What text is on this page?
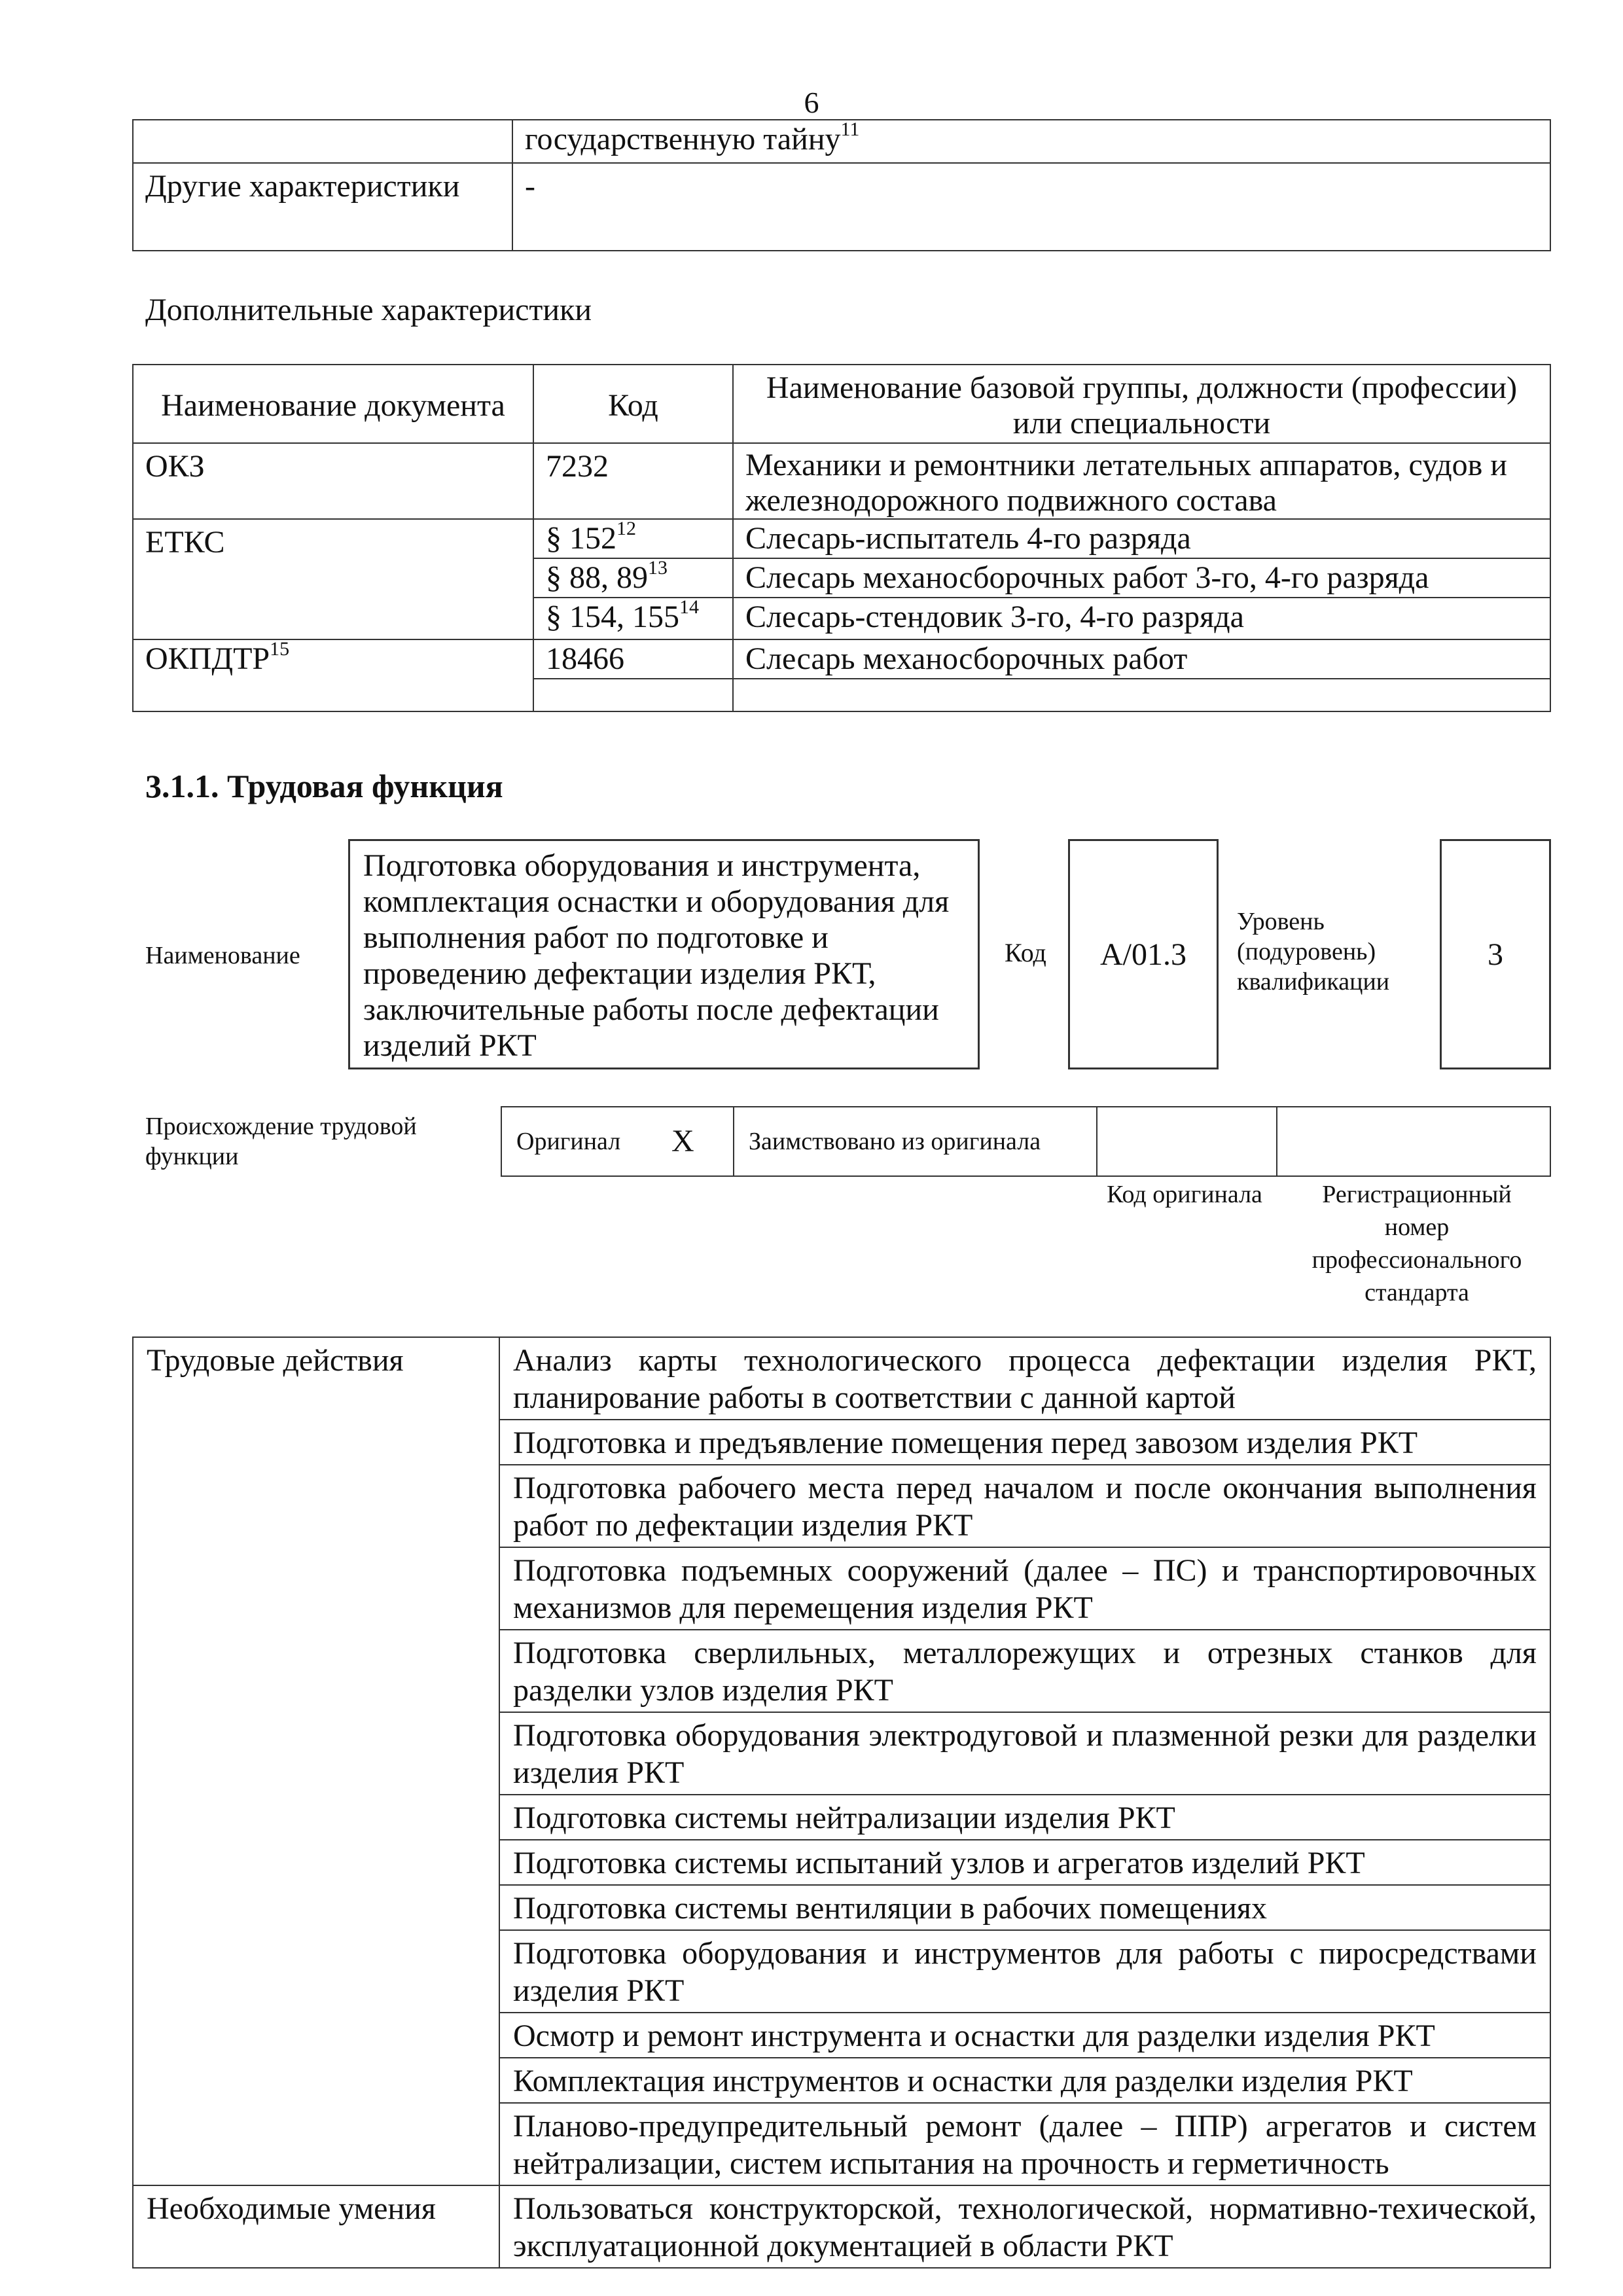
6
	государственную тайну$^{11}$
Другие характеристики	-
Дополнительные характеристики
Наименование документа	Код	Наименование базовой группы, должности (профессии) или специальности
ОКЗ	7232	Механики и ремонтники летательных аппаратов, судов и железнодорожного подвижного состава
ЕТКС	§ $152^{12}$	Слесарь-испытатель 4-го разряда
	§ 88, $89^{13}$	Слесарь механосборочных работ 3-го, 4-го разряда
	§ 154, $155^{14}$	Слесарь-стендовик 3-го, 4-го разряда
ОКПДТР$^{15}$	18466	Слесарь механосборочных работ

3.1.1. Трудовая функция
Наименование
Подготовка оборудования и инструмента, комплектация оснастки и оборудования для выполнения работ по подготовке и проведению дефектации изделия РКТ, заключительные работы после дефектации изделий РКТ
Код А/01.3
Уровень (подуровень) квалификации
3
Происхождение трудовой функции
Оригинал	X	Заимствовано из оригинала		
Код оригинала	Регистрационный номер профессионального стандарта
Трудовые действия	Анализ карты технологического процесса дефектации изделия РКТ, планирование работы в соответствии с данной картой
	Подготовка и предъявление помещения перед завозом изделия РКТ
	Подготовка рабочего места перед началом и после окончания выполнения работ по дефектации изделия РКТ
	Подготовка подъемных сооружений (далее – ПС) и транспортировочных механизмов для перемещения изделия РКТ
	Подготовка сверлильных, металлорежущих и отрезных станков для разделки узлов изделия РКТ
	Подготовка оборудования электродуговой и плазменной резки для разделки изделия РКТ
	Подготовка системы нейтрализации изделия РКТ
	Подготовка системы испытаний узлов и агрегатов изделий РКТ
	Подготовка системы вентиляции в рабочих помещениях
	Подготовка оборудования и инструментов для работы с пиросредствами изделия РКТ
	Осмотр и ремонт инструмента и оснастки для разделки изделия РКТ
	Комплектация инструментов и оснастки для разделки изделия РКТ
	Планово-предупредительный ремонт (далее – ППР) агрегатов и систем нейтрализации, систем испытания на прочность и герметичность
Необходимые умения	Пользоваться конструкторской, технологической, нормативно-техической, эксплуатационной документацией в области РКТ
